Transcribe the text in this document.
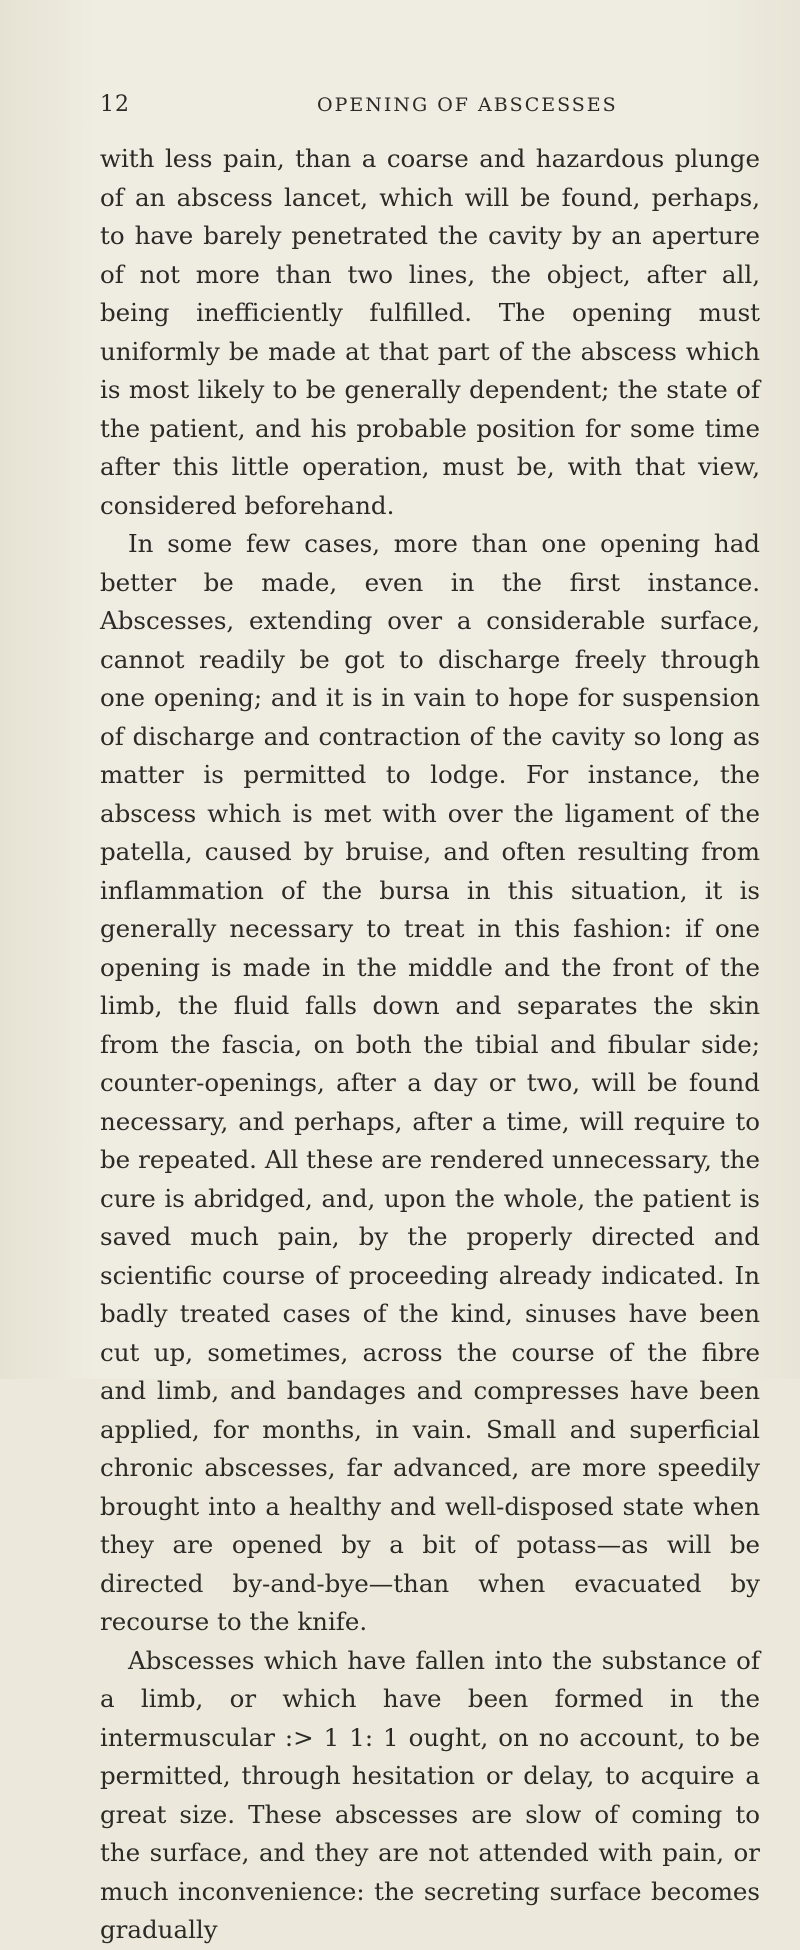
12	OPENING OF ABSCESSES

with less pain, than a coarse and hazardous plunge of an abscess lancet, which will be found, perhaps, to have barely penetrated the cavity by an aperture of not more than two lines, the object, after all, being inefficiently fulfilled. The opening must uniformly be made at that part of the abscess which is most likely to be generally dependent; the state of the patient, and his probable position for some time after this little operation, must be, with that view, considered beforehand.

In some few cases, more than one opening had better be made, even in the first instance. Abscesses, extending over a considerable surface, cannot readily be got to discharge freely through one opening; and it is in vain to hope for suspension of discharge and contraction of the cavity so long as matter is permitted to lodge. For instance, the abscess which is met with over the ligament of the patella, caused by bruise, and often resulting from inflammation of the bursa in this situation, it is generally necessary to treat in this fashion: if one opening is made in the middle and the front of the limb, the fluid falls down and separates the skin from the fascia, on both the tibial and fibular side; counter-openings, after a day or two, will be found necessary, and perhaps, after a time, will require to be repeated. All these are rendered unnecessary, the cure is abridged, and, upon the whole, the patient is saved much pain, by the properly directed and scientific course of proceeding already indicated. In badly treated cases of the kind, sinuses have been cut up, sometimes, across the course of the fibre and limb, and bandages and compresses have been applied, for months, in vain. Small and superficial chronic abscesses, far advanced, are more speedily brought into a healthy and well-disposed state when they are opened by a bit of potass—as will be directed by-and-bye—than when evacuated by recourse to the knife.

Abscesses which have fallen into the substance of a limb, or which have been formed in the intermuscular :> 1 1: 1 ought, on no account, to be permitted, through hesitation or delay, to acquire a great size. These abscesses are slow of coming to the surface, and they are not attended with pain, or much inconvenience: the secreting surface becomes gradually
